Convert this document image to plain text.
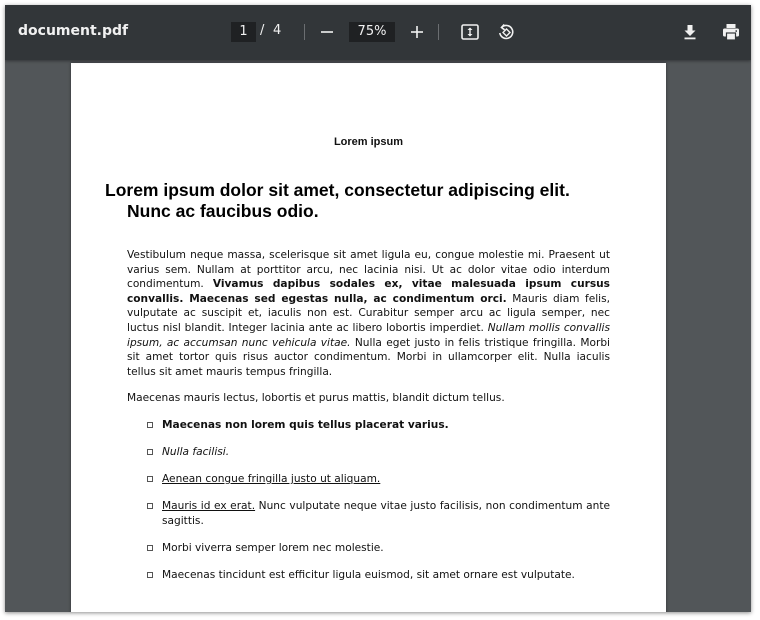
document.pdf	1 / 4	75%
Lorem ipsum
Lorem ipsum dolor sit amet, consectetur adipiscing elit. Nunc ac faucibus odio.
Vestibulum neque massa, scelerisque sit amet ligula eu, congue molestie mi. Praesent ut varius sem. Nullam at porttitor arcu, nec lacinia nisi. Ut ac dolor vitae odio interdum condimentum. Vivamus dapibus sodales ex, vitae malesuada ipsum cursus convallis. Maecenas sed egestas nulla, ac condimentum orci. Mauris diam felis, vulputate ac suscipit et, iaculis non est. Curabitur semper arcu ac ligula semper, nec luctus nisl blandit. Integer lacinia ante ac libero lobortis imperdiet. Nullam mollis convallis ipsum, ac accumsan nunc vehicula vitae. Nulla eget justo in felis tristique fringilla. Morbi sit amet tortor quis risus auctor condimentum. Morbi in ullamcorper elit. Nulla iaculis tellus sit amet mauris tempus fringilla.
Maecenas mauris lectus, lobortis et purus mattis, blandit dictum tellus.
Maecenas non lorem quis tellus placerat varius.
Nulla facilisi.
Aenean congue fringilla justo ut aliquam.
Mauris id ex erat. Nunc vulputate neque vitae justo facilisis, non condimentum ante sagittis.
Morbi viverra semper lorem nec molestie.
Maecenas tincidunt est efficitur ligula euismod, sit amet ornare est vulputate.
